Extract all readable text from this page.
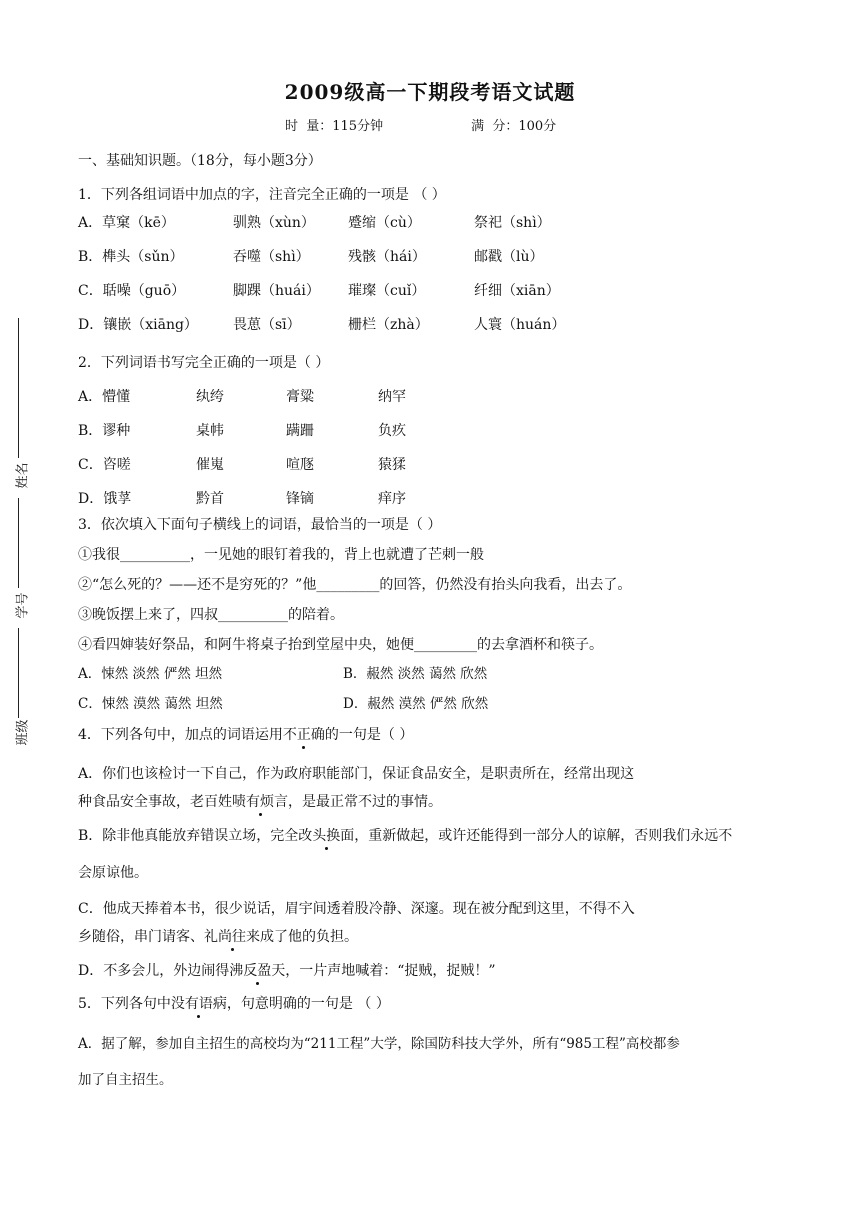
2009级高一下期段考语文试题
时  量：115分钟	满  分：100分
姓名
学号
班级
一、基础知识题。（18分，每小题3分）
1．下列各组词语中加点的字，注音完全正确的一项是 （ ）
A．草窠（kē）	驯熟（xùn） 蹙缩（cù）	祭祀（shì）
B．榫头（sǔn）	吞噬（shì）	残骸（hái）	邮戳（lù）
C．聒噪（guō）	脚踝（huái） 璀璨（cuǐ）	纤细（xiān）
D．镶嵌（xiāng）	畏葸（sī）	栅栏（zhà）	人寰（huán）
2．下列词语书写完全正确的一项是（ ）
A．懵懂	纨绔	膏粱	纳罕
B．谬种	桌帏	蹒跚	负疚
C．咨嗟	催嵬	喧豗	猿猱
D．饿莩	黔首	锋镝	痒序
3．依次填入下面句子横线上的词语，最恰当的一项是（ ）
①我很__________，一见她的眼钉着我的，背上也就遭了芒刺一般
②“怎么死的？——还不是穷死的？”他_________的回答，仍然没有抬头向我看，出去了。
③晚饭摆上来了，四叔__________的陪着。
④看四婶装好祭品，和阿牛将桌子抬到堂屋中央，她便_________的去拿酒杯和筷子。
A．悚然 淡然 俨然 坦然	B．赧然 淡然 蔼然 欣然
C．悚然 漠然 蔼然 坦然	D．赧然 漠然 俨然 欣然
4．下列各句中，加点的词语运用不正确的一句是（ ）
A．你们也该检讨一下自己，作为政府职能部门，保证食品安全，是职责所在，经常出现这
种食品安全事故，老百姓啧有烦言，是最正常不过的事情。
B．除非他真能放弃错误立场，完全改头换面，重新做起，或许还能得到一部分人的谅解，否则我们永远不
会原谅他。
C．他成天捧着本书，很少说话，眉宇间透着股冷静、深邃。现在被分配到这里，不得不入
乡随俗，串门请客、礼尚往来成了他的负担。
D．不多会儿，外边闹得沸反盈天，一片声地喊着：“捉贼，捉贼！”
5．下列各句中没有语病，句意明确的一句是 （ ）
A．据了解，参加自主招生的高校均为“211工程”大学，除国防科技大学外，所有“985工程”高校都参
加了自主招生。
